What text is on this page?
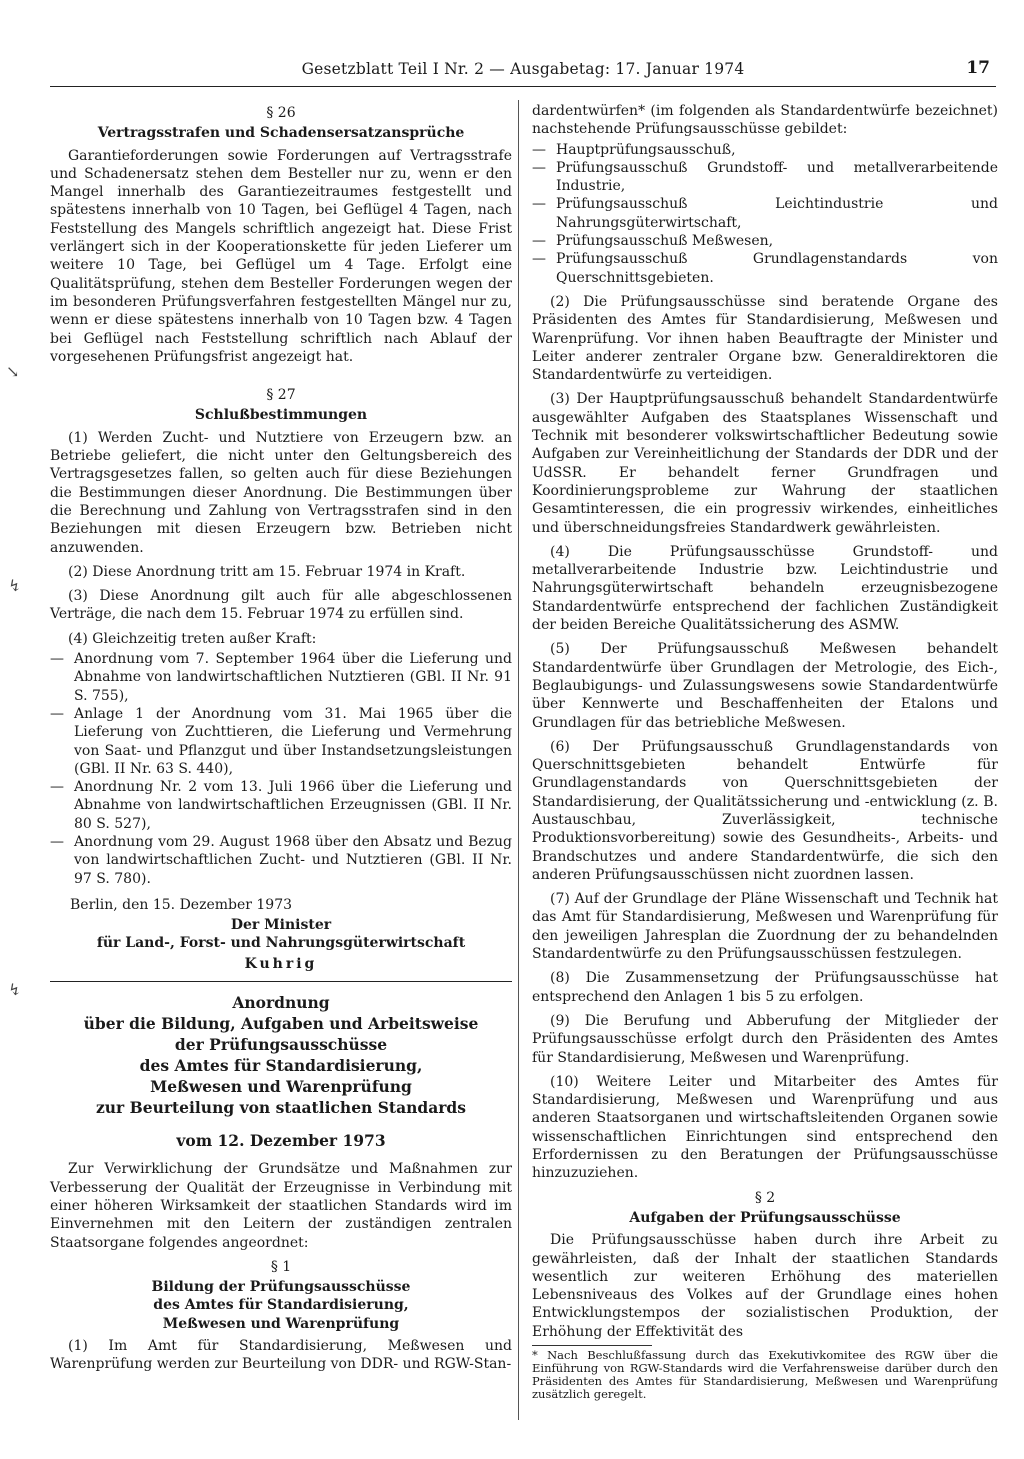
Gesetzblatt Teil I Nr. 2 — Ausgabetag: 17. Januar 1974	17
§ 26
Vertragsstrafen und Schadensersatzansprüche

Garantieforderungen sowie Forderungen auf Vertragsstrafe und Schadenersatz stehen dem Besteller nur zu, wenn er den Mangel innerhalb des Garantiezeitraumes festgestellt und spätestens innerhalb von 10 Tagen, bei Geflügel 4 Tagen, nach Feststellung des Mangels schriftlich angezeigt hat. Diese Frist verlängert sich in der Kooperationskette für jeden Lieferer um weitere 10 Tage, bei Geflügel um 4 Tage. Erfolgt eine Qualitätsprüfung, stehen dem Besteller Forderungen wegen der im besonderen Prüfungsverfahren festgestellten Mängel nur zu, wenn er diese spätestens innerhalb von 10 Tagen bzw. 4 Tagen bei Geflügel nach Feststellung schriftlich nach Ablauf der vorgesehenen Prüfungsfrist angezeigt hat.

§ 27
Schlußbestimmungen

(1) Werden Zucht- und Nutztiere von Erzeugern bzw. an Betriebe geliefert, die nicht unter den Geltungsbereich des Vertragsgesetzes fallen, so gelten auch für diese Beziehungen die Bestimmungen dieser Anordnung. Die Bestimmungen über die Berechnung und Zahlung von Vertragsstrafen sind in den Beziehungen mit diesen Erzeugern bzw. Betrieben nicht anzuwenden.

(2) Diese Anordnung tritt am 15. Februar 1974 in Kraft.

(3) Diese Anordnung gilt auch für alle abgeschlossenen Verträge, die nach dem 15. Februar 1974 zu erfüllen sind.

(4) Gleichzeitig treten außer Kraft:

— Anordnung vom 7. September 1964 über die Lieferung und Abnahme von landwirtschaftlichen Nutztieren (GBl. II Nr. 91 S. 755),
— Anlage 1 der Anordnung vom 31. Mai 1965 über die Lieferung von Zuchttieren, die Lieferung und Vermehrung von Saat- und Pflanzgut und über Instandsetzungsleistungen (GBl. II Nr. 63 S. 440),
— Anordnung Nr. 2 vom 13. Juli 1966 über die Lieferung und Abnahme von landwirtschaftlichen Erzeugnissen (GBl. II Nr. 80 S. 527),
— Anordnung vom 29. August 1968 über den Absatz und Bezug von landwirtschaftlichen Zucht- und Nutztieren (GBl. II Nr. 97 S. 780).
Berlin, den 15. Dezember 1973
Der Minister
für Land-, Forst- und Nahrungsgüterwirtschaft
Kuhrig
Anordnung
über die Bildung, Aufgaben und Arbeitsweise
der Prüfungsausschüsse
des Amtes für Standardisierung,
Meßwesen und Warenprüfung
zur Beurteilung von staatlichen Standards
vom 12. Dezember 1973

Zur Verwirklichung der Grundsätze und Maßnahmen zur Verbesserung der Qualität der Erzeugnisse in Verbindung mit einer höheren Wirksamkeit der staatlichen Standards wird im Einvernehmen mit den Leitern der zuständigen zentralen Staatsorgane folgendes angeordnet:

§ 1
Bildung der Prüfungsausschüsse
des Amtes für Standardisierung,
Meßwesen und Warenprüfung

(1) Im Amt für Standardisierung, Meßwesen und Warenprüfung werden zur Beurteilung von DDR- und RGW-Stan-

dardentwürfen* (im folgenden als Standardentwürfe bezeichnet) nachstehende Prüfungsausschüsse gebildet:

— Hauptprüfungsausschuß,
— Prüfungsausschuß Grundstoff- und metallverarbeitende Industrie,
— Prüfungsausschuß Leichtindustrie und Nahrungsgüterwirtschaft,
— Prüfungsausschuß Meßwesen,
— Prüfungsausschuß Grundlagenstandards von Querschnittsgebieten.

(2) Die Prüfungsausschüsse sind beratende Organe des Präsidenten des Amtes für Standardisierung, Meßwesen und Warenprüfung. Vor ihnen haben Beauftragte der Minister und Leiter anderer zentraler Organe bzw. Generaldirektoren die Standardentwürfe zu verteidigen.

(3) Der Hauptprüfungsausschuß behandelt Standardentwürfe ausgewählter Aufgaben des Staatsplanes Wissenschaft und Technik mit besonderer volkswirtschaftlicher Bedeutung sowie Aufgaben zur Vereinheitlichung der Standards der DDR und der UdSSR. Er behandelt ferner Grundfragen und Koordinierungsprobleme zur Wahrung der staatlichen Gesamtinteressen, die ein progressiv wirkendes, einheitliches und überschneidungsfreies Standardwerk gewährleisten.

(4) Die Prüfungsausschüsse Grundstoff- und metallverarbeitende Industrie bzw. Leichtindustrie und Nahrungsgüterwirtschaft behandeln erzeugnisbezogene Standardentwürfe entsprechend der fachlichen Zuständigkeit der beiden Bereiche Qualitätssicherung des ASMW.

(5) Der Prüfungsausschuß Meßwesen behandelt Standardentwürfe über Grundlagen der Metrologie, des Eich-, Beglaubigungs- und Zulassungswesens sowie Standardentwürfe über Kennwerte und Beschaffenheiten der Etalons und Grundlagen für das betriebliche Meßwesen.

(6) Der Prüfungsausschuß Grundlagenstandards von Querschnittsgebieten behandelt Entwürfe für Grundlagenstandards von Querschnittsgebieten der Standardisierung, der Qualitätssicherung und -entwicklung (z. B. Austauschbau, Zuverlässigkeit, technische Produktionsvorbereitung) sowie des Gesundheits-, Arbeits- und Brandschutzes und andere Standardentwürfe, die sich den anderen Prüfungsausschüssen nicht zuordnen lassen.

(7) Auf der Grundlage der Pläne Wissenschaft und Technik hat das Amt für Standardisierung, Meßwesen und Warenprüfung für den jeweiligen Jahresplan die Zuordnung der zu behandelnden Standardentwürfe zu den Prüfungsausschüssen festzulegen.

(8) Die Zusammensetzung der Prüfungsausschüsse hat entsprechend den Anlagen 1 bis 5 zu erfolgen.

(9) Die Berufung und Abberufung der Mitglieder der Prüfungsausschüsse erfolgt durch den Präsidenten des Amtes für Standardisierung, Meßwesen und Warenprüfung.

(10) Weitere Leiter und Mitarbeiter des Amtes für Standardisierung, Meßwesen und Warenprüfung und aus anderen Staatsorganen und wirtschaftsleitenden Organen sowie wissenschaftlichen Einrichtungen sind entsprechend den Erfordernissen zu den Beratungen der Prüfungsausschüsse hinzuzuziehen.

§ 2
Aufgaben der Prüfungsausschüsse

Die Prüfungsausschüsse haben durch ihre Arbeit zu gewährleisten, daß der Inhalt der staatlichen Standards wesentlich zur weiteren Erhöhung des materiellen Lebensniveaus des Volkes auf der Grundlage eines hohen Entwicklungstempos der sozialistischen Produktion, der Erhöhung der Effektivität des

* Nach Beschlußfassung durch das Exekutivkomitee des RGW über die Einführung von RGW-Standards wird die Verfahrensweise darüber durch den Präsidenten des Amtes für Standardisierung, Meßwesen und Warenprüfung zusätzlich geregelt.

↘
↯
↯
